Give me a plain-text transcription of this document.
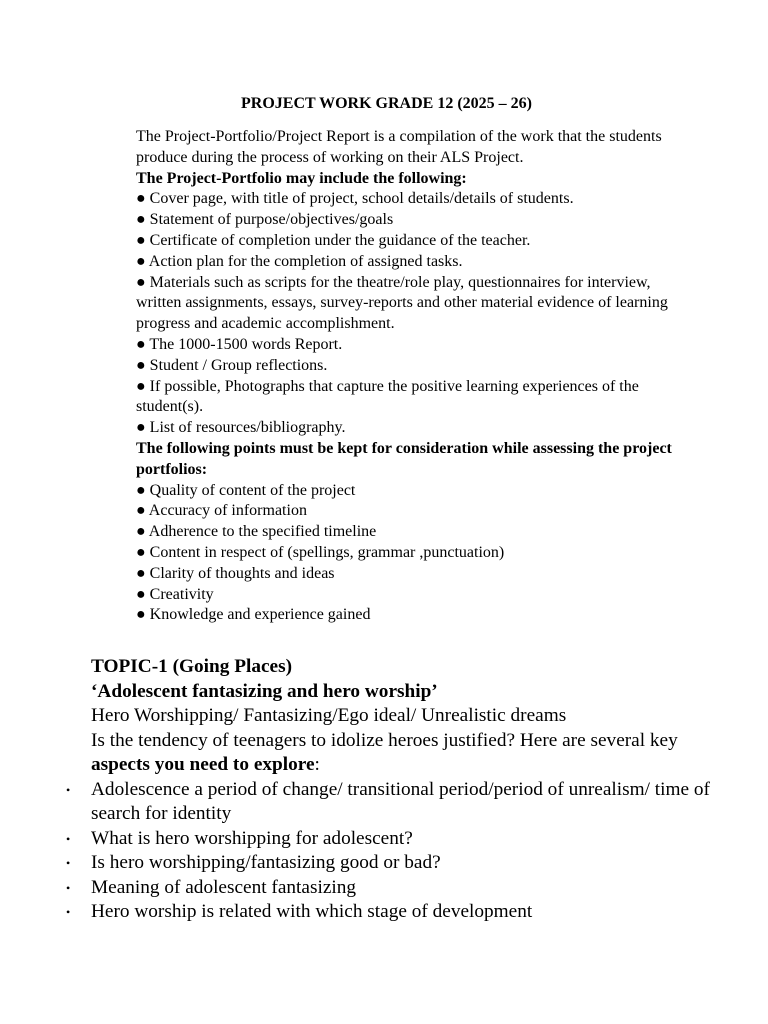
PROJECT WORK GRADE 12 (2025 – 26)

The Project-Portfolio/Project Report is a compilation of the work that the students produce during the process of working on their ALS Project.

The Project-Portfolio may include the following:

● Cover page, with title of project, school details/details of students.

● Statement of purpose/objectives/goals

● Certificate of completion under the guidance of the teacher.

● Action plan for the completion of assigned tasks.

● Materials such as scripts for the theatre/role play, questionnaires for interview, written assignments, essays, survey-reports and other material evidence of learning progress and academic accomplishment.

● The 1000-1500 words Report.

● Student / Group reflections.

● If possible, Photographs that capture the positive learning experiences of the student(s).

● List of resources/bibliography.

The following points must be kept for consideration while assessing the project portfolios:

● Quality of content of the project

● Accuracy of information

● Adherence to the specified timeline

● Content in respect of (spellings, grammar ,punctuation)

● Clarity of thoughts and ideas

● Creativity

● Knowledge and experience gained

TOPIC-1 (Going Places)

‘Adolescent fantasizing and hero worship’

Hero Worshipping/ Fantasizing/Ego ideal/ Unrealistic dreams

Is the tendency of teenagers to idolize heroes justified? Here are several key aspects you need to explore:

• Adolescence a period of change/ transitional period/period of unrealism/ time of search for identity
• What is hero worshipping for adolescent?
• Is hero worshipping/fantasizing good or bad?
• Meaning of adolescent fantasizing
• Hero worship is related with which stage of development
